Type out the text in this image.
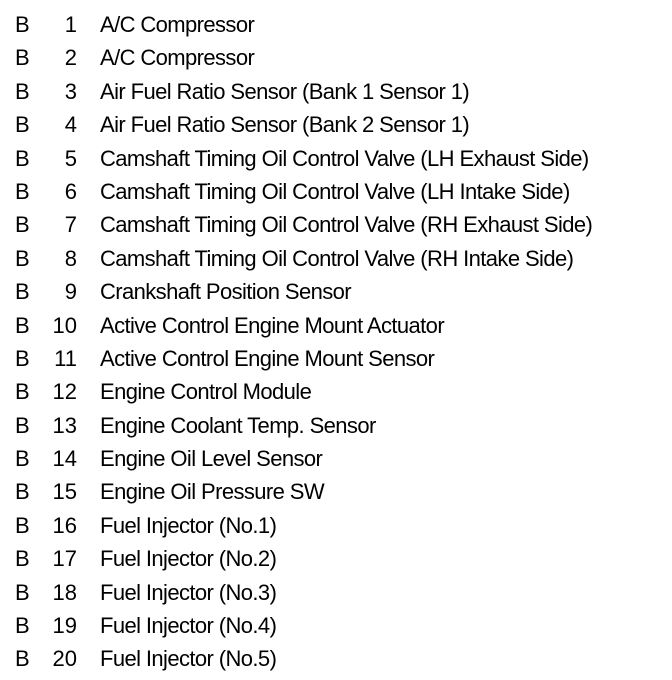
B	1 A/C Compressor
B	2 A/C Compressor
B	3 Air Fuel Ratio Sensor (Bank 1 Sensor 1)
B	4 Air Fuel Ratio Sensor (Bank 2 Sensor 1)
B	5 Camshaft Timing Oil Control Valve (LH Exhaust Side)
B	6 Camshaft Timing Oil Control Valve (LH Intake Side)
B	7 Camshaft Timing Oil Control Valve (RH Exhaust Side)
B	8 Camshaft Timing Oil Control Valve (RH Intake Side)
B	9 Crankshaft Position Sensor
B	10 Active Control Engine Mount Actuator
B	11 Active Control Engine Mount Sensor
B	12 Engine Control Module
B	13 Engine Coolant Temp. Sensor
B	14 Engine Oil Level Sensor
B	15 Engine Oil Pressure SW
B	16 Fuel Injector (No.1)
B	17 Fuel Injector (No.2)
B	18 Fuel Injector (No.3)
B	19 Fuel Injector (No.4)
B	20 Fuel Injector (No.5)
